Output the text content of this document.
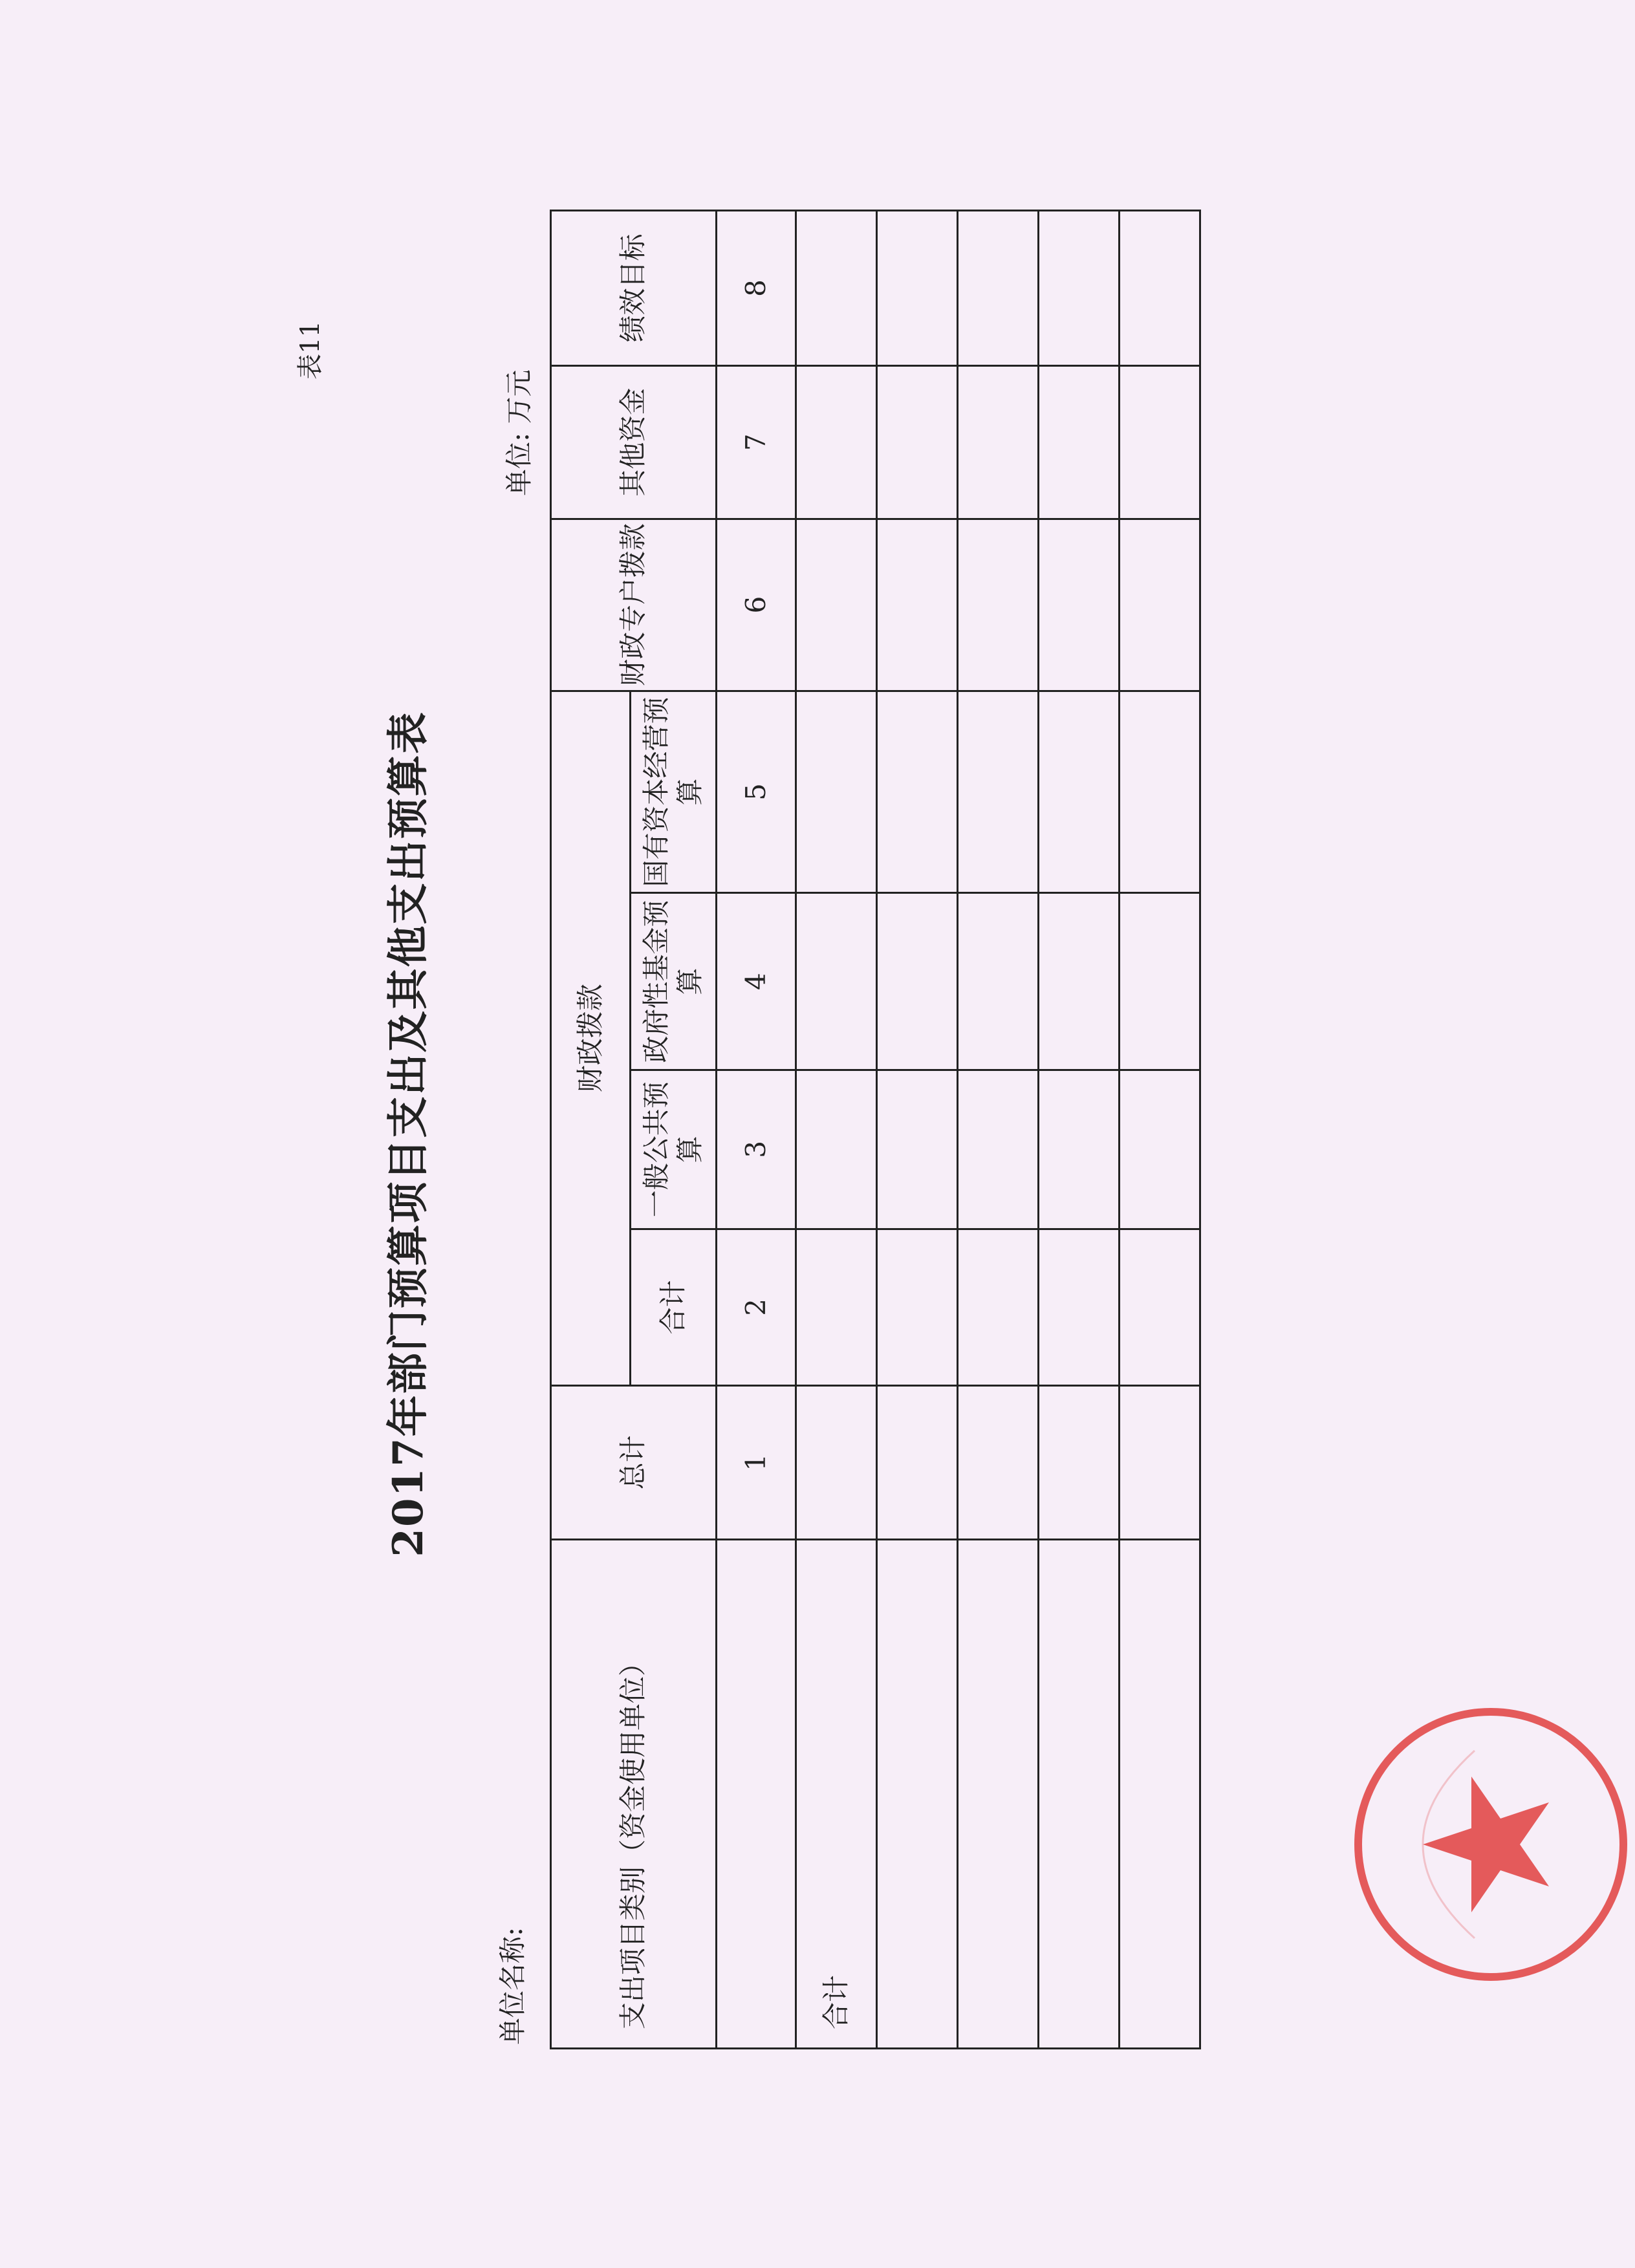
表11
2017年部门预算项目支出及其他支出预算表
单位名称:
单位: 万元
支出项目类别（资金使用单位）	总计	财政拨款				财政专户拨款	其他资金	绩效目标
		合计	一般公共预算	政府性基金预算	国有资本经营预算			
	1	2	3	4	5	6	7	8
合计								
